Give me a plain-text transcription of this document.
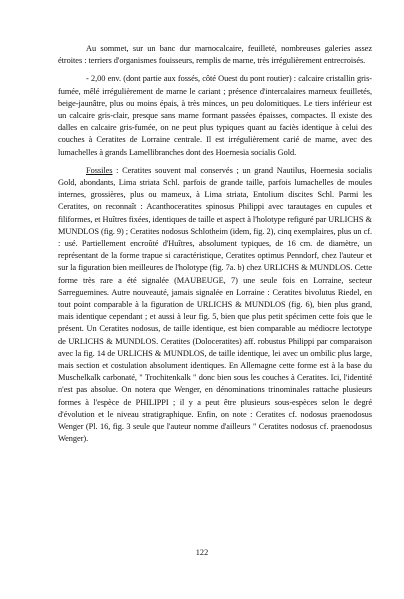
Au sommet, sur un banc dur marnocalcaire, feuilleté, nombreuses galeries assez étroites : terriers d'organismes fouisseurs, remplis de marne, très irrégulièrement entrecroisés.

- 2,00 env. (dont partie aux fossés, côté Ouest du pont routier) : calcaire cristallin gris-fumée, mêlé irrégulièrement de marne le cariant ; présence d'intercalaires marneux feuilletés, beige-jaunâtre, plus ou moins épais, à très minces, un peu dolomitiques. Le tiers inférieur est un calcaire gris-clair, presque sans marne formant passées épaisses, compactes. Il existe des dalles en calcaire gris-fumée, on ne peut plus typiques quant au faciès identique à celui des couches à Ceratites de Lorraine centrale. Il est irrégulièrement carié de marne, avec des lumachelles à grands Lamellibranches dont des Hoernesia socialis Gold.

Fossiles : Ceratites souvent mal conservés ; un grand Nautilus, Hoernesia socialis Gold, abondants, Lima striata Schl. parfois de grande taille, parfois lumachelles de moules internes, grossières, plus ou mameux, à Lima striata, Entolium discites Schl. Parmi les Ceratites, on reconnaît : Acanthoceratites spinosus Philippi avec tarautages en cupules et filiformes, et Huîtres fixées, identiques de taille et aspect à l'holotype refiguré par URLICHS & MUNDLOS (fig. 9) ; Ceratites nodosus Schlotheim (idem, fig. 2), cinq exemplaires, plus un cf. : usé. Partiellement encroûté d'Huîtres, absolument typiques, de 16 cm. de diamètre, un représentant de la forme trapue si caractéristique, Ceratites optimus Penndorf, chez l'auteur et sur la figuration bien meilleures de l'holotype (fig. 7a. b) chez URLICHS & MUNDLOS. Cette forme très rare a été signalée (MAUBEUGE, 7) une seule fois en Lorraine, secteur Sarreguemines. Autre nouveauté, jamais signalée en Lorraine : Ceratites bivolutus Riedel, en tout point comparable à la figuration de URLICHS & MUNDLOS (fig. 6), bien plus grand, mais identique cependant ; et aussi à leur fig. 5, bien que plus petit spécimen cette fois que le présent. Un Ceratites nodosus, de taille identique, est bien comparable au médiocre lectotype de URLICHS & MUNDLOS. Ceratites (Doloceratites) aff. robustus Philippi par comparaison avec la fig. 14 de URLICHS & MUNDLOS, de taille identique, lei avec un ombilic plus large, mais section et costulation absolument identiques. En Allemagne cette forme est à la base du Muschelkalk carbonaté, " Trochitenkalk " donc bien sous les couches à Ceratites. Ici, l'identité n'est pas absolue. On notera que Wenger, en dénominations trinominales rattache plusieurs formes à l'espèce de PHILIPPI ; il y a peut être plusieurs sous-espèces selon le degré d'évolution et le niveau stratigraphique. Enfin, on note : Ceratites cf. nodosus praenodosus Wenger (Pl. 16, fig. 3 seule que l'auteur nomme d'ailleurs " Ceratites nodosus cf. praenodosus Wenger).

122
